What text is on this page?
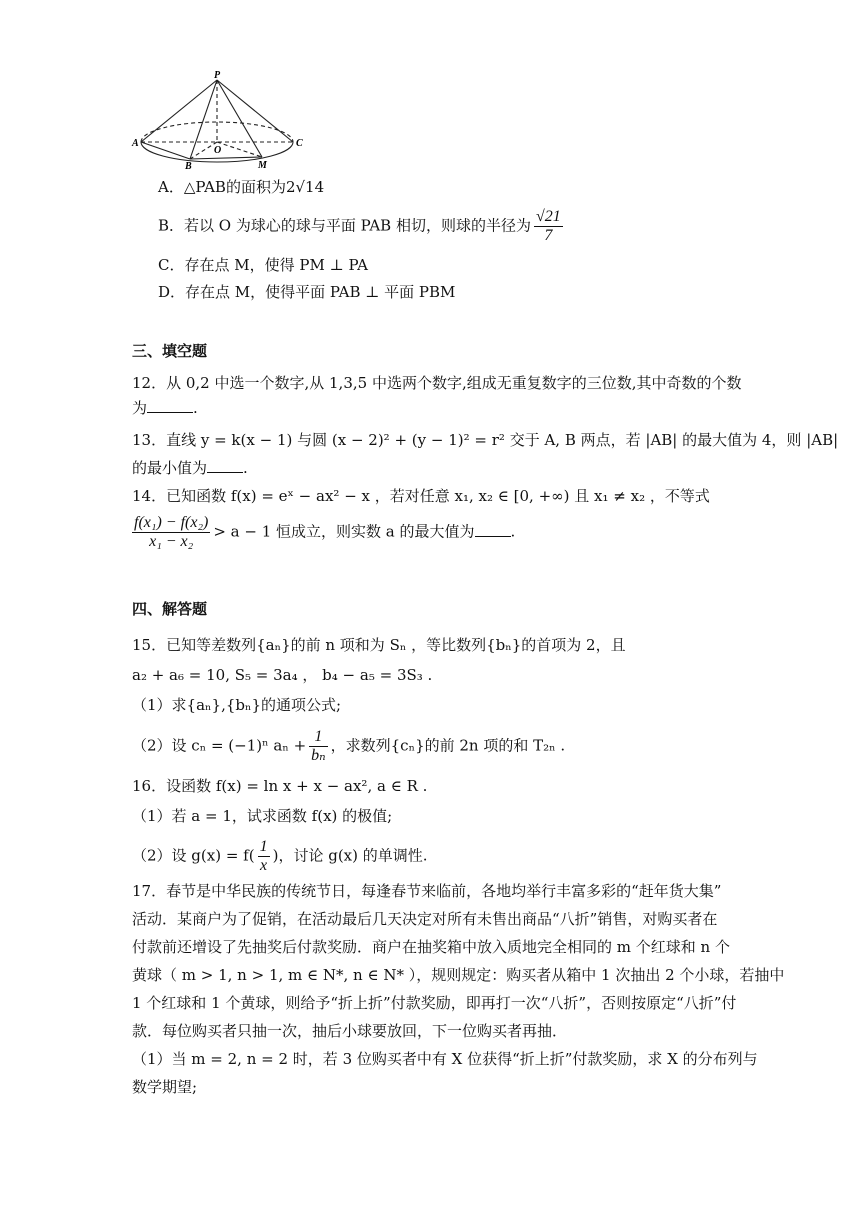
P
A	C
O
B	M
A．△PAB的面积为2√14
B．若以 O 为球心的球与平面 PAB 相切，则球的半径为 $\frac{√21}{7}$
C．存在点 M，使得 PM ⊥ PA
D．存在点 M，使得平面 PAB ⊥ 平面 PBM
三、填空题
12．从 0,2 中选一个数字,从 1,3,5 中选两个数字,组成无重复数字的三位数,其中奇数的个数
为	.
13．直线 y = k(x − 1) 与圆 (x − 2)² + (y − 1)² = r² 交于 A, B 两点，若 |AB| 的最大值为 4，则 |AB|
的最小值为 .
14．已知函数 f(x) = eˣ − ax² − x ，若对任意 x₁, x₂ ∈ [0, +∞) 且 x₁ ≠ x₂ ，不等式
$\frac{\text{f(x₁) − f(x₂)}}{\text{x₁ − x₂}} > a - 1$ 恒成立，则实数 a 的最大值为 .
四、解答题
15．已知等差数列{aₙ}的前 n 项和为 Sₙ ，等比数列{bₙ}的首项为 2，且
a₂ + a₆ = 10, S₅ = 3a₄ ， b₄ − a₅ = 3S₃ .
（1）求{aₙ},{bₙ}的通项公式;
（2）设 cₙ = (−1)ⁿ $a_n + \frac{1}{\text{bₙ}}$ ，求数列{cₙ}的前 2n 项的和 T₂ₙ .
16．设函数 f(x) = ln x + x − ax², a ∈ R .
（1）若 a = 1，试求函数 f(x) 的极值;
（2）设 $g(x) = f( \frac{1}{x}$ )，讨论 g(x) 的单调性.
17．春节是中华民族的传统节日，每逢春节来临前，各地均举行丰富多彩的“赶年货大集”
活动．某商户为了促销，在活动最后几天决定对所有未售出商品“八折”销售，对购买者在
付款前还增设了先抽奖后付款奖励．商户在抽奖箱中放入质地完全相同的 m 个红球和 n 个
黄球（ m > 1, n > 1, m ∈ N*, n ∈ N* ），规则规定：购买者从箱中 1 次抽出 2 个小球，若抽中
1 个红球和 1 个黄球，则给予“折上折”付款奖励，即再打一次“八折”，否则按原定“八折”付
款．每位购买者只抽一次，抽后小球要放回，下一位购买者再抽．
（1）当 m = 2, n = 2 时，若 3 位购买者中有 X 位获得“折上折”付款奖励，求 X 的分布列与
数学期望;
